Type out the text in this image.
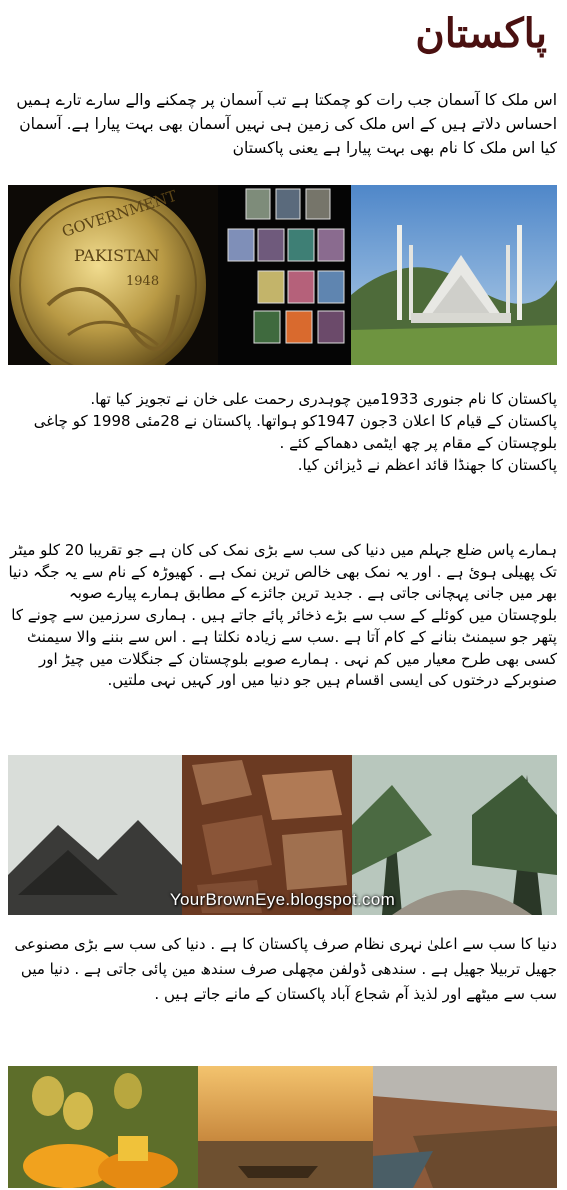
پاکستان
اس ملک کا آسمان جب رات کو چمکتا ہے تب آسمان پر چمکنے والے سارے تارے ہمیں احساس دلاتے ہیں کے اس ملک کی زمین ہی نہیں آسمان بھی بہت پیارا ہے. آسمان کیا اس ملک کا نام بھی بہت پیارا ہے یعنی پاکستان
GOVERNMENT
PAKISTAN
1948

پاکستان کا نام جنوری 1933مین چوہدری رحمت علی خان نے تجویز کیا تھا.

پاکستان کے قیام کا اعلان 3جون 1947کو ہواتھا. پاکستان نے 28مئی 1998 کو چاغی بلوچستان کے مقام پر چھ ایٹمی دھماکے کئے .

پاکستان کا جھنڈا قائد اعظم نے ڈیزائن کیا.

ہمارے پاس ضلع جہلم میں دنیا کی سب سے بڑی نمک کی کان ہے جو تقریبا 20 کلو میٹر تک پھیلی ہوئ ہے . اور یہ نمک بھی خالص ترین نمک ہے . کھیوڑہ کے نام سے یہ جگہ دنیا بھر میں جانی پہچانی جاتی ہے . جدید ترین جائزے کے مطابق ہمارے پیارے صوبہ بلوچستان میں کوئلے کے سب سے بڑے ذخائر پائے جاتے ہیں . ہماری سرزمین سے چونے کا پتھر جو سیمنٹ بنانے کے کام آتا ہے .سب سے زیادہ نکلتا ہے . اس سے بننے والا سیمنٹ کسی بھی طرح معیار میں کم نہی . ہمارے صوبے بلوچستان کے جنگلات میں چیڑ اور صنوبرکے درختوں کی ایسی اقسام ہیں جو دنیا میں اور کہیں نہی ملتیں.
YourBrownEye.blogspot.com
دنیا کا سب سے اعلیٰ نہری نظام صرف پاکستان کا ہے . دنیا کی سب سے بڑی مصنوعی جھیل تربیلا جھیل ہے . سندھی ڈولفن مچھلی صرف سندھ مین پائی جاتی ہے . دنیا میں سب سے میٹھے اور لذیذ آم شجاع آباد پاکستان کے مانے جاتے ہیں .
